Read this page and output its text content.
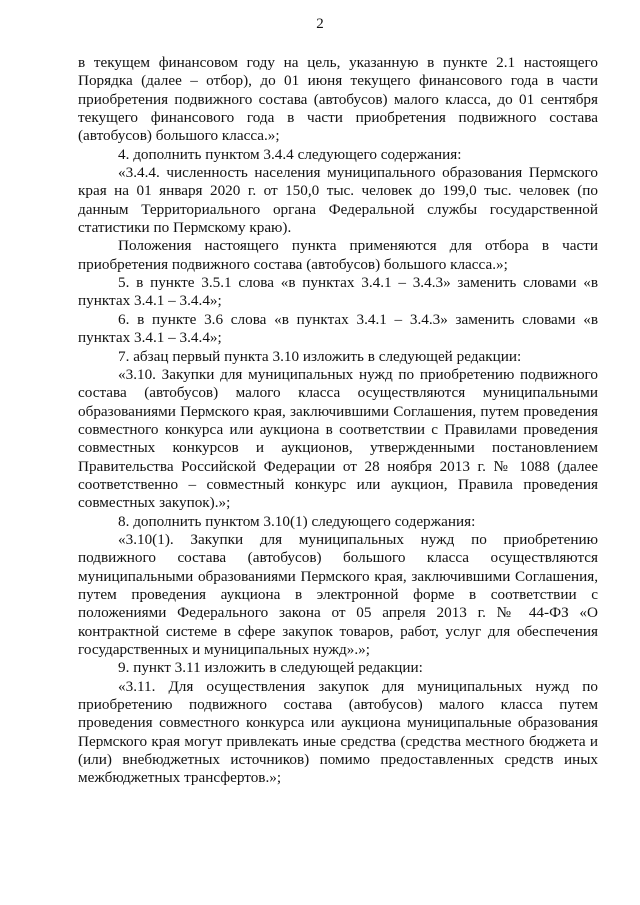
2

в текущем финансовом году на цель, указанную в пункте 2.1 настоящего Порядка (далее – отбор), до 01 июня текущего финансового года в части приобретения подвижного состава (автобусов) малого класса, до 01 сентября текущего финансового года в части приобретения подвижного состава (автобусов) большого класса.»;

4. дополнить пунктом 3.4.4 следующего содержания:

«3.4.4. численность населения муниципального образования Пермского края на 01 января 2020 г. от 150,0 тыс. человек до 199,0 тыс. человек (по данным Территориального органа Федеральной службы государственной статистики по Пермскому краю).

Положения настоящего пункта применяются для отбора в части приобретения подвижного состава (автобусов) большого класса.»;

5. в пункте 3.5.1 слова «в пунктах 3.4.1 – 3.4.3» заменить словами «в пунктах 3.4.1 – 3.4.4»;

6. в пункте 3.6 слова «в пунктах 3.4.1 – 3.4.3» заменить словами «в пунктах 3.4.1 – 3.4.4»;

7. абзац первый пункта 3.10 изложить в следующей редакции:

«3.10. Закупки для муниципальных нужд по приобретению подвижного состава (автобусов) малого класса осуществляются муниципальными образованиями Пермского края, заключившими Соглашения, путем проведения совместного конкурса или аукциона в соответствии с Правилами проведения совместных конкурсов и аукционов, утвержденными постановлением Правительства Российской Федерации от 28 ноября 2013 г. № 1088 (далее соответственно – совместный конкурс или аукцион, Правила проведения совместных закупок).»;

8. дополнить пунктом 3.10(1) следующего содержания:

«3.10(1). Закупки для муниципальных нужд по приобретению подвижного состава (автобусов) большого класса осуществляются муниципальными образованиями Пермского края, заключившими Соглашения, путем проведения аукциона в электронной форме в соответствии с положениями Федерального закона от 05 апреля 2013 г. № 44-ФЗ «О контрактной системе в сфере закупок товаров, работ, услуг для обеспечения государственных и муниципальных нужд».»;

9. пункт 3.11 изложить в следующей редакции:

«3.11. Для осуществления закупок для муниципальных нужд по приобретению подвижного состава (автобусов) малого класса путем проведения совместного конкурса или аукциона муниципальные образования Пермского края могут привлекать иные средства (средства местного бюджета и (или) внебюджетных источников) помимо предоставленных средств иных межбюджетных трансфертов.»;
